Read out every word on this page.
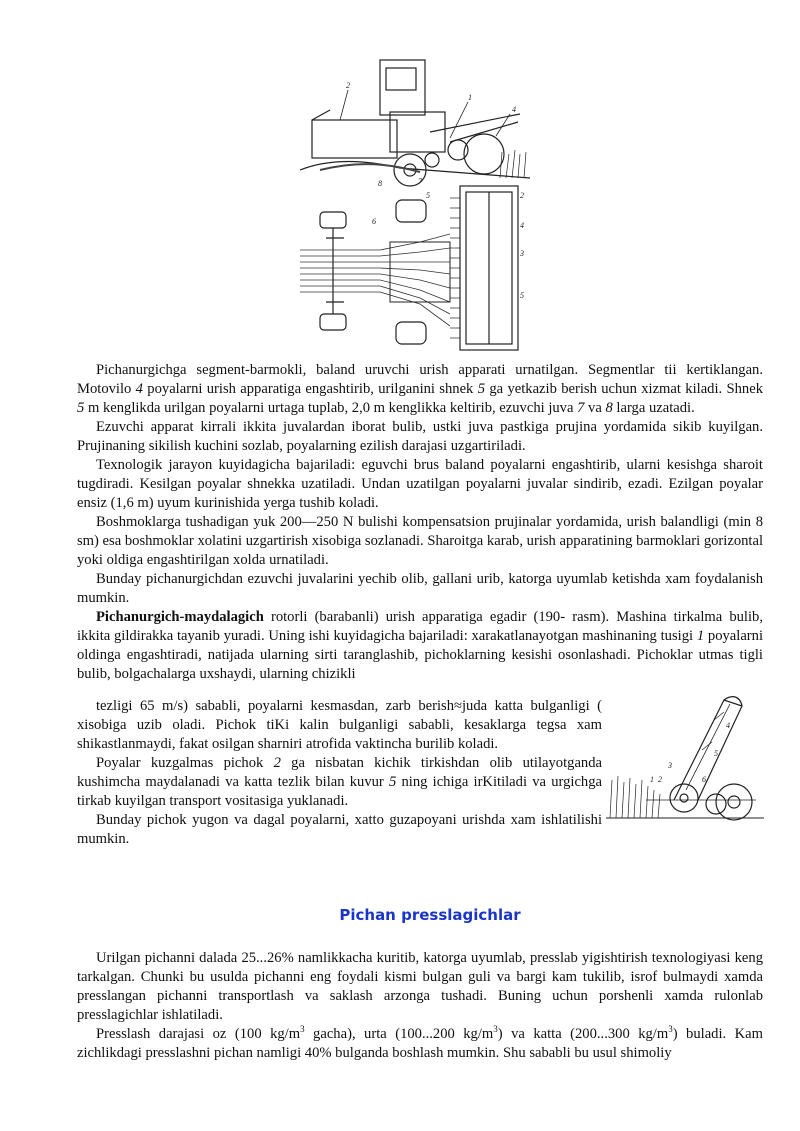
2
1
4
8	7
5
6
2
4
3
5

Pichanurgichga segment-barmokli, baland uruvchi urish apparati urnatilgan. Segmentlar tii kertiklangan. Motovilo 4 poyalarni urish apparatiga engashtirib, urilganini shnek 5 ga yetkazib berish uchun xizmat kiladi. Shnek 5 m kenglikda urilgan poyalarni urtaga tuplab, 2,0 m kenglikka keltirib, ezuvchi juva 7 va 8 larga uzatadi.

Ezuvchi apparat kirrali ikkita juvalardan iborat bulib, ustki juva pastkiga prujina yordamida sikib kuyilgan. Prujinaning sikilish kuchini sozlab, poyalarning ezilish darajasi uzgartiriladi.

Texnologik jarayon kuyidagicha bajariladi: eguvchi brus baland poyalarni engashtirib, ularni kesishga sharoit tugdiradi. Kesilgan poyalar shnekka uzatiladi. Undan uzatilgan poyalarni juvalar sindirib, ezadi. Ezilgan poyalar ensiz (1,6 m) uyum kurinishida yerga tushib koladi.

Boshmoklarga tushadigan yuk 200—250 N bulishi kompensatsion prujinalar yordamida, urish balandligi (min 8 sm) esa boshmoklar xolatini uzgartirish xisobiga sozlanadi. Sharoitga karab, urish apparatining barmoklari gorizontal yoki oldiga engashtirilgan xolda urnatiladi.

Bunday pichanurgichdan ezuvchi juvalarini yechib olib, gallani urib, katorga uyumlab ketishda xam foydalanish mumkin.

Pichanurgich-maydalagich rotorli (barabanli) urish apparatiga egadir (190- rasm). Mashina tirkalma bulib, ikkita gildirakka tayanib yuradi. Uning ishi kuyidagicha bajariladi: xarakatlanayotgan mashinaning tusigi 1 poyalarni oldinga engashtiradi, natijada ularning sirti taranglashib, pichoklarning kesishi osonlashadi. Pichoklar utmas tigli bulib, bolgachalarga uxshaydi, ularning chizikli

tezligi 65 m/s) sababli, poyalarni kesmasdan, zarb berish≈juda katta bulganligi ( xisobiga uzib oladi. Pichok tiKi kalin bulganligi sababli, kesaklarga tegsa xam shikastlanmaydi, fakat osilgan sharniri atrofida vaktincha burilib koladi.

Poyalar kuzgalmas pichok 2 ga nisbatan kichik tirkishdan olib utilayotganda kushimcha maydalanadi va katta tezlik bilan kuvur 5 ning ichiga irKitiladi va urgichga tirkab kuyilgan transport vositasiga yuklanadi.

Bunday pichok yugon va dagal poyalarni, xatto guzapoyani urishda xam ishlatilishi mumkin.

4
5
3
1 2	6
Pichan presslagichlar

Urilgan pichanni dalada 25...26% namlikkacha kuritib, katorga uyumlab, presslab yigishtirish texnologiyasi keng tarkalgan. Chunki bu usulda pichanni eng foydali kismi bulgan guli va bargi kam tukilib, isrof bulmaydi xamda presslangan pichanni transportlash va saklash arzonga tushadi. Buning uchun porshenli xamda rulonlab presslagichlar ishlatiladi.

Presslash darajasi oz (100 $kg/m^3$ gacha), urta (100...200 $kg/m^3$) va katta (200...300 $kg/m^3$) buladi. Kam zichlikdagi presslashni pichan namligi 40% bulganda boshlash mumkin. Shu sababli bu usul shimoliy
